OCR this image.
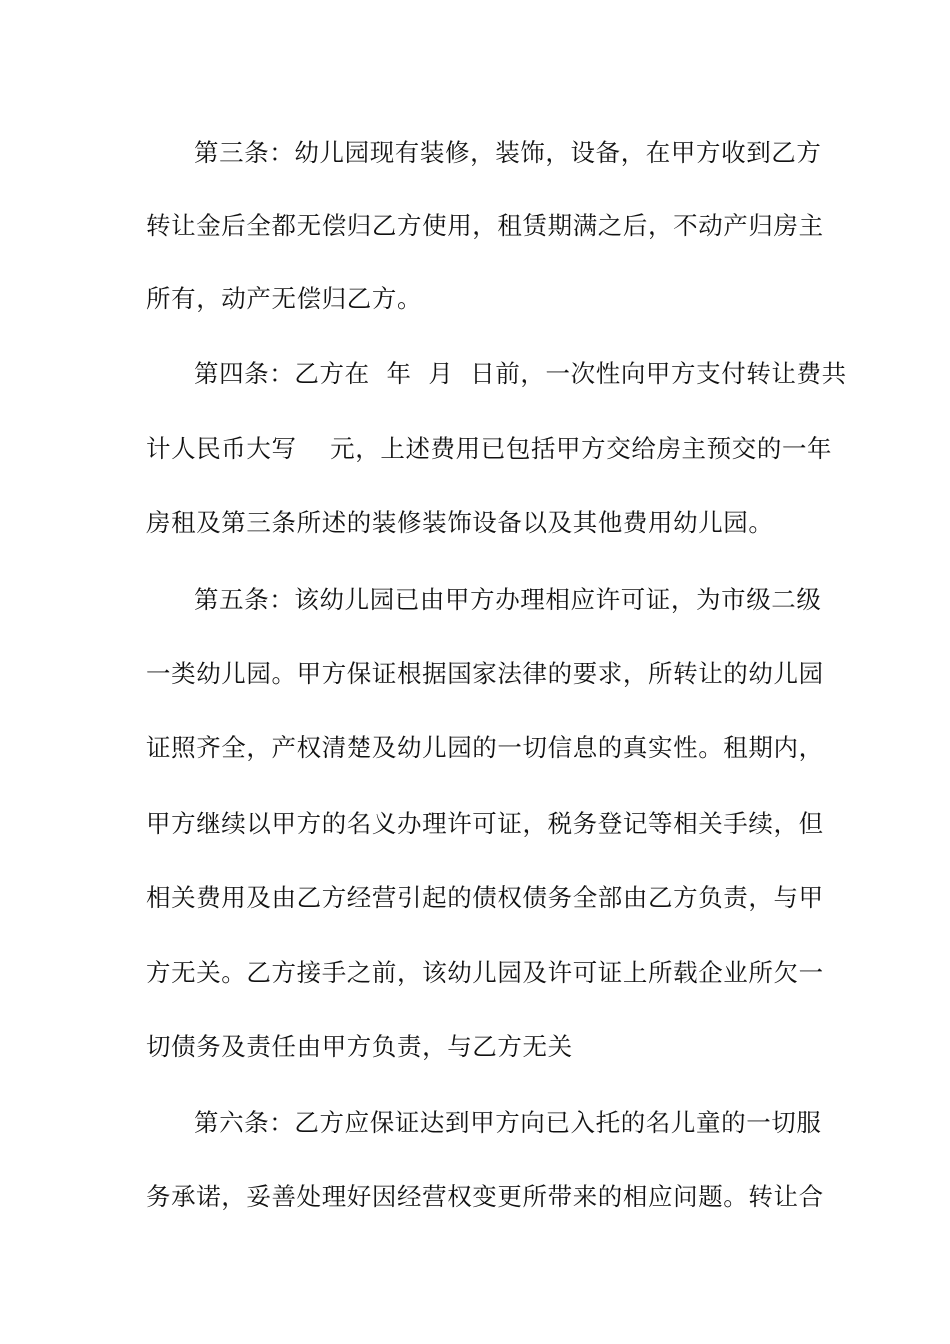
第三条：幼儿园现有装修，装饰，设备，在甲方收到乙方
转让金后全都无偿归乙方使用，租赁期满之后，不动产归房主
所有，动产无偿归乙方。
第四条：乙方在  年  月  日前，一次性向甲方支付转让费共
计人民币大写    元，上述费用已包括甲方交给房主预交的一年
房租及第三条所述的装修装饰设备以及其他费用幼儿园。
第五条：该幼儿园已由甲方办理相应许可证，为市级二级
一类幼儿园。甲方保证根据国家法律的要求，所转让的幼儿园
证照齐全，产权清楚及幼儿园的一切信息的真实性。租期内，
甲方继续以甲方的名义办理许可证，税务登记等相关手续，但
相关费用及由乙方经营引起的债权债务全部由乙方负责，与甲
方无关。乙方接手之前，该幼儿园及许可证上所载企业所欠一
切债务及责任由甲方负责，与乙方无关
第六条：乙方应保证达到甲方向已入托的名儿童的一切服
务承诺，妥善处理好因经营权变更所带来的相应问题。转让合
